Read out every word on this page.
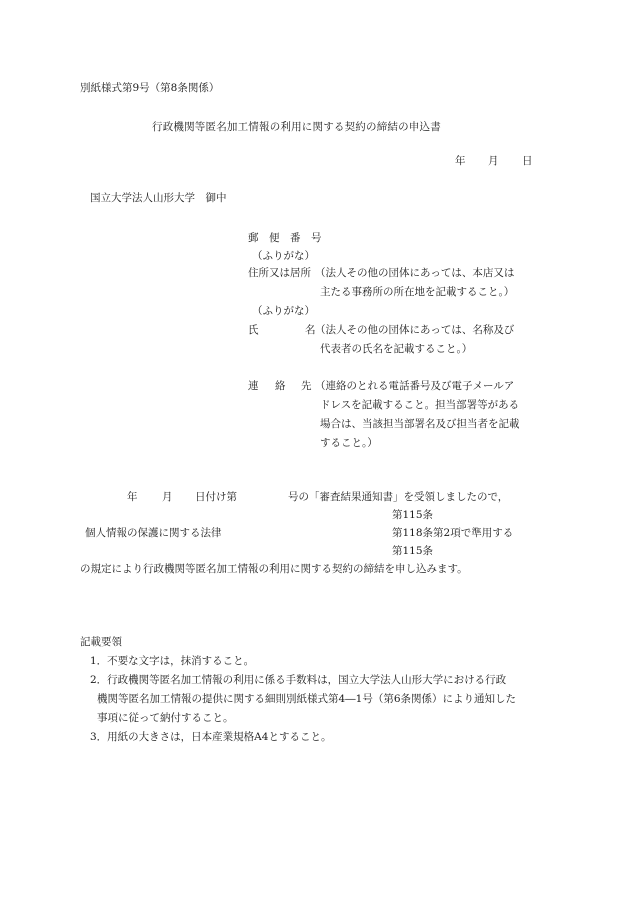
別紙様式第9号（第8条関係）
行政機関等匿名加工情報の利用に関する契約の締結の申込書
年 月 日
国立大学法人山形大学　御中
郵　便　番　号
（ふりがな）
住所又は居所 （法人その他の団体にあっては、本店又は
主たる事務所の所在地を記載すること。）
（ふりがな）
氏	名 （法人その他の団体にあっては、名称及び
代表者の氏名を記載すること。）
連 絡 先 （連絡のとれる電話番号及び電子メールア
ドレスを記載すること。担当部署等がある
場合は、当該担当部署名及び担当者を記載
すること。）
年 月 日付け第	号の「審査結果通知書」を受領しましたので，
第115条
個人情報の保護に関する法律	第118条第2項で準用する
第115条
の規定により行政機関等匿名加工情報の利用に関する契約の締結を申し込みます。
記載要領
1．不要な文字は，抹消すること。
2．行政機関等匿名加工情報の利用に係る手数料は，国立大学法人山形大学における行政
機関等匿名加工情報の提供に関する細則別紙様式第4―1号（第6条関係）により通知した
事項に従って納付すること。
3．用紙の大きさは，日本産業規格A4とすること。
